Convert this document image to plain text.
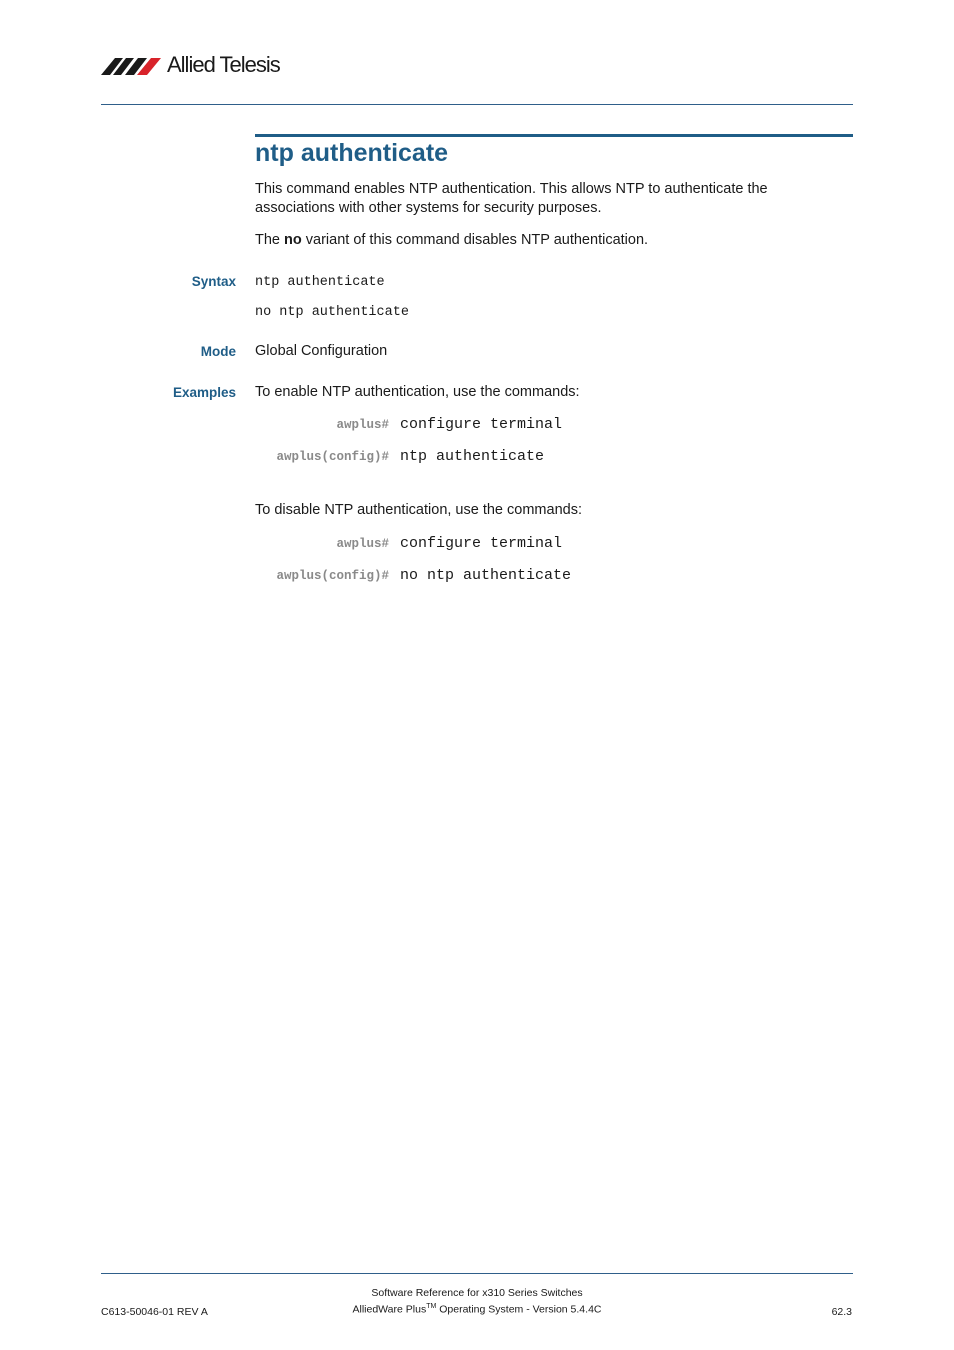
Allied Telesis
ntp authenticate

This command enables NTP authentication. This allows NTP to authenticate the associations with other systems for security purposes.

The no variant of this command disables NTP authentication.

Syntax ntp authenticate
no ntp authenticate
Mode Global Configuration
Examples To enable NTP authentication, use the commands:
awplus# configure terminal
awplus(config)# ntp authenticate
To disable NTP authentication, use the commands:
awplus# configure terminal
awplus(config)# no ntp authenticate
Software Reference for x310 Series Switches
C613-50046-01 REV A	AlliedWare Plus™ Operating System - Version 5.4.4C	62.3
